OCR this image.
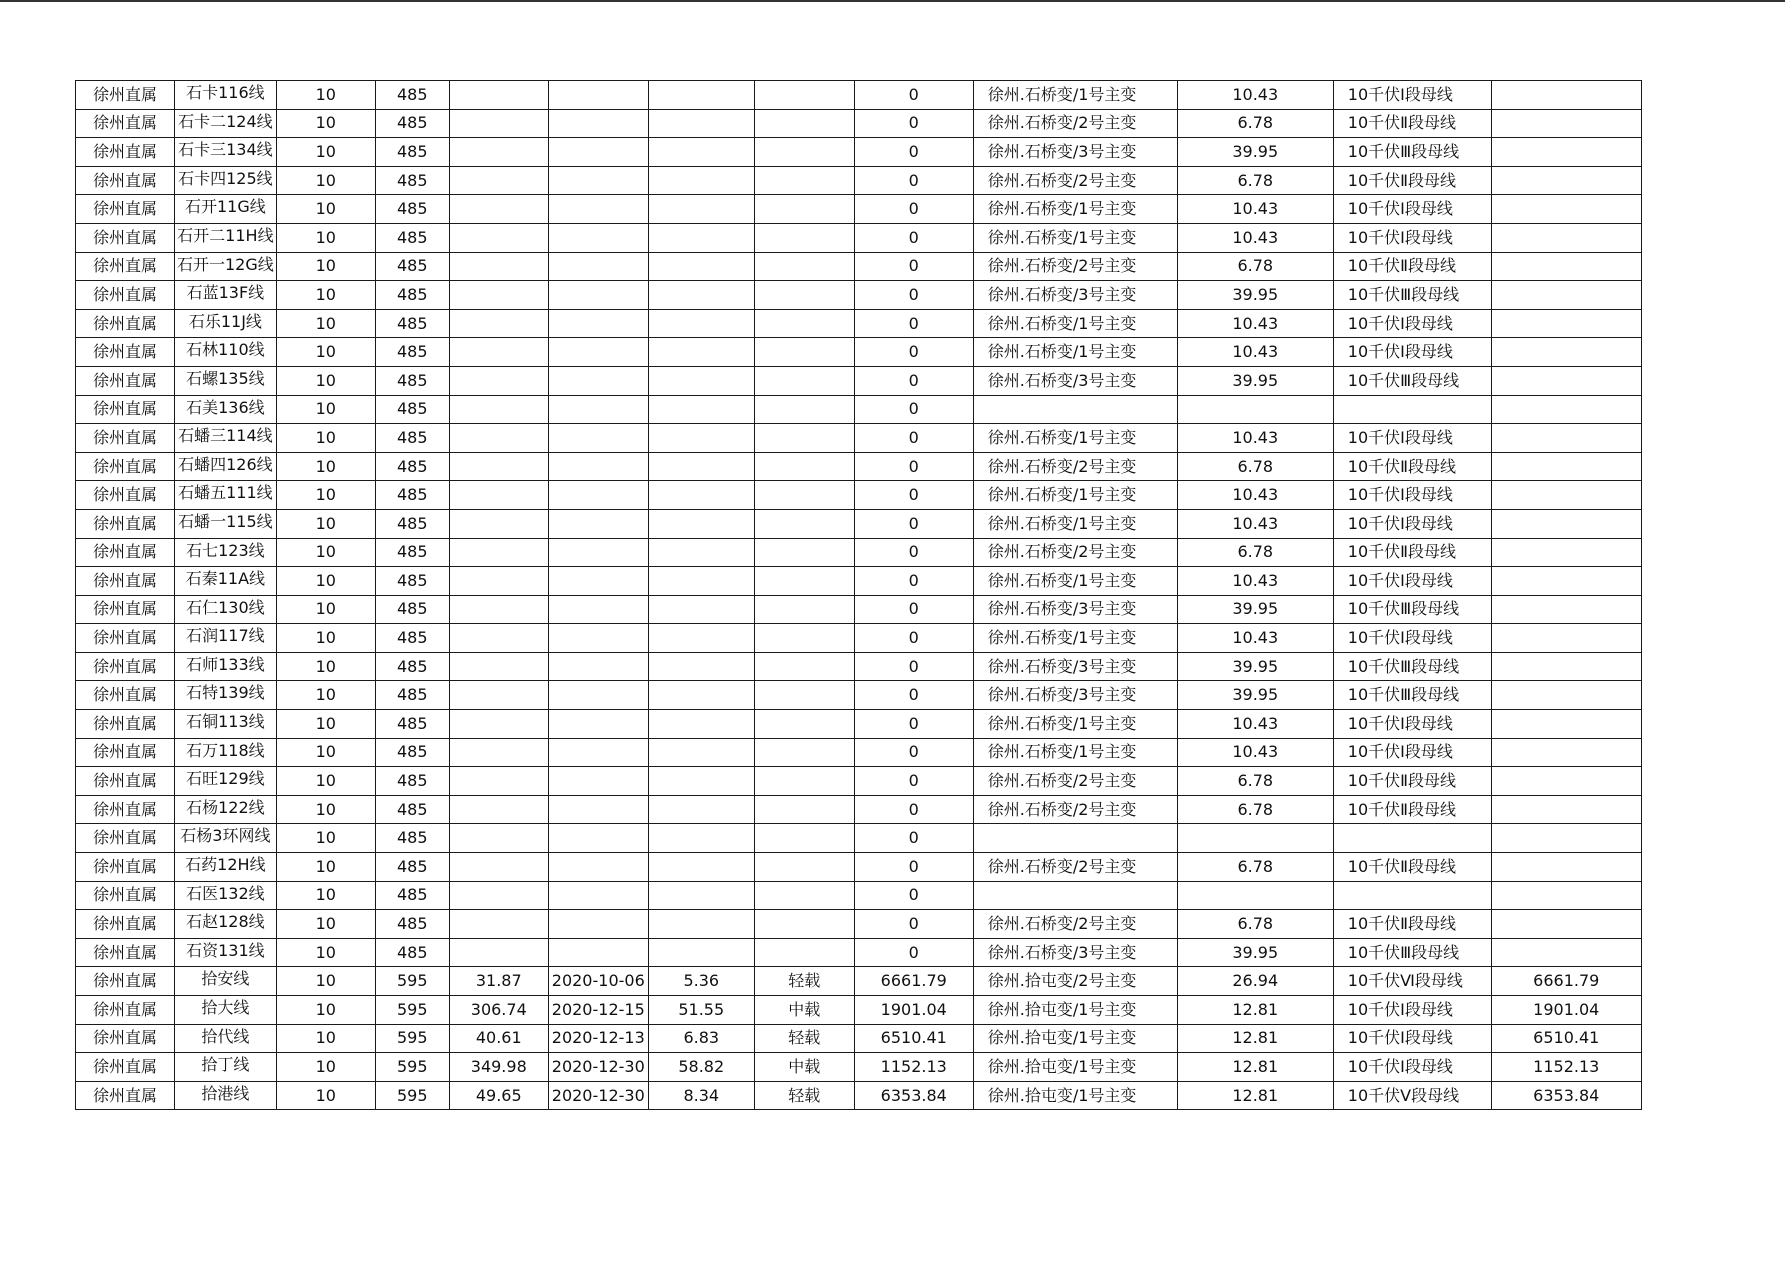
徐州直属	石卡116线	10	485					0	徐州.石桥变/1号主变	10.43	10千伏Ⅰ段母线	
徐州直属	石卡二124线	10	485					0	徐州.石桥变/2号主变	6.78	10千伏Ⅱ段母线	
徐州直属	石卡三134线	10	485					0	徐州.石桥变/3号主变	39.95	10千伏Ⅲ段母线	
徐州直属	石卡四125线	10	485					0	徐州.石桥变/2号主变	6.78	10千伏Ⅱ段母线	
徐州直属	石开11G线	10	485					0	徐州.石桥变/1号主变	10.43	10千伏Ⅰ段母线	
徐州直属	石开二11H线	10	485					0	徐州.石桥变/1号主变	10.43	10千伏Ⅰ段母线	
徐州直属	石开一12G线	10	485					0	徐州.石桥变/2号主变	6.78	10千伏Ⅱ段母线	
徐州直属	石蓝13F线	10	485					0	徐州.石桥变/3号主变	39.95	10千伏Ⅲ段母线	
徐州直属	石乐11J线	10	485					0	徐州.石桥变/1号主变	10.43	10千伏Ⅰ段母线	
徐州直属	石林110线	10	485					0	徐州.石桥变/1号主变	10.43	10千伏Ⅰ段母线	
徐州直属	石螺135线	10	485					0	徐州.石桥变/3号主变	39.95	10千伏Ⅲ段母线	
徐州直属	石美136线	10	485					0				
徐州直属	石蟠三114线	10	485					0	徐州.石桥变/1号主变	10.43	10千伏Ⅰ段母线	
徐州直属	石蟠四126线	10	485					0	徐州.石桥变/2号主变	6.78	10千伏Ⅱ段母线	
徐州直属	石蟠五111线	10	485					0	徐州.石桥变/1号主变	10.43	10千伏Ⅰ段母线	
徐州直属	石蟠一115线	10	485					0	徐州.石桥变/1号主变	10.43	10千伏Ⅰ段母线	
徐州直属	石七123线	10	485					0	徐州.石桥变/2号主变	6.78	10千伏Ⅱ段母线	
徐州直属	石秦11A线	10	485					0	徐州.石桥变/1号主变	10.43	10千伏Ⅰ段母线	
徐州直属	石仁130线	10	485					0	徐州.石桥变/3号主变	39.95	10千伏Ⅲ段母线	
徐州直属	石润117线	10	485					0	徐州.石桥变/1号主变	10.43	10千伏Ⅰ段母线	
徐州直属	石师133线	10	485					0	徐州.石桥变/3号主变	39.95	10千伏Ⅲ段母线	
徐州直属	石特139线	10	485					0	徐州.石桥变/3号主变	39.95	10千伏Ⅲ段母线	
徐州直属	石铜113线	10	485					0	徐州.石桥变/1号主变	10.43	10千伏Ⅰ段母线	
徐州直属	石万118线	10	485					0	徐州.石桥变/1号主变	10.43	10千伏Ⅰ段母线	
徐州直属	石旺129线	10	485					0	徐州.石桥变/2号主变	6.78	10千伏Ⅱ段母线	
徐州直属	石杨122线	10	485					0	徐州.石桥变/2号主变	6.78	10千伏Ⅱ段母线	
徐州直属	石杨3环网线	10	485					0				
徐州直属	石药12H线	10	485					0	徐州.石桥变/2号主变	6.78	10千伏Ⅱ段母线	
徐州直属	石医132线	10	485					0				
徐州直属	石赵128线	10	485					0	徐州.石桥变/2号主变	6.78	10千伏Ⅱ段母线	
徐州直属	石资131线	10	485					0	徐州.石桥变/3号主变	39.95	10千伏Ⅲ段母线	
徐州直属	拾安线	10	595	31.87	2020-10-06	5.36	轻载	6661.79	徐州.拾屯变/2号主变	26.94	10千伏Ⅵ段母线	6661.79
徐州直属	拾大线	10	595	306.74	2020-12-15	51.55	中载	1901.04	徐州.拾屯变/1号主变	12.81	10千伏Ⅰ段母线	1901.04
徐州直属	拾代线	10	595	40.61	2020-12-13	6.83	轻载	6510.41	徐州.拾屯变/1号主变	12.81	10千伏Ⅰ段母线	6510.41
徐州直属	拾丁线	10	595	349.98	2020-12-30	58.82	中载	1152.13	徐州.拾屯变/1号主变	12.81	10千伏Ⅰ段母线	1152.13
徐州直属	拾港线	10	595	49.65	2020-12-30	8.34	轻载	6353.84	徐州.拾屯变/1号主变	12.81	10千伏Ⅴ段母线	6353.84
